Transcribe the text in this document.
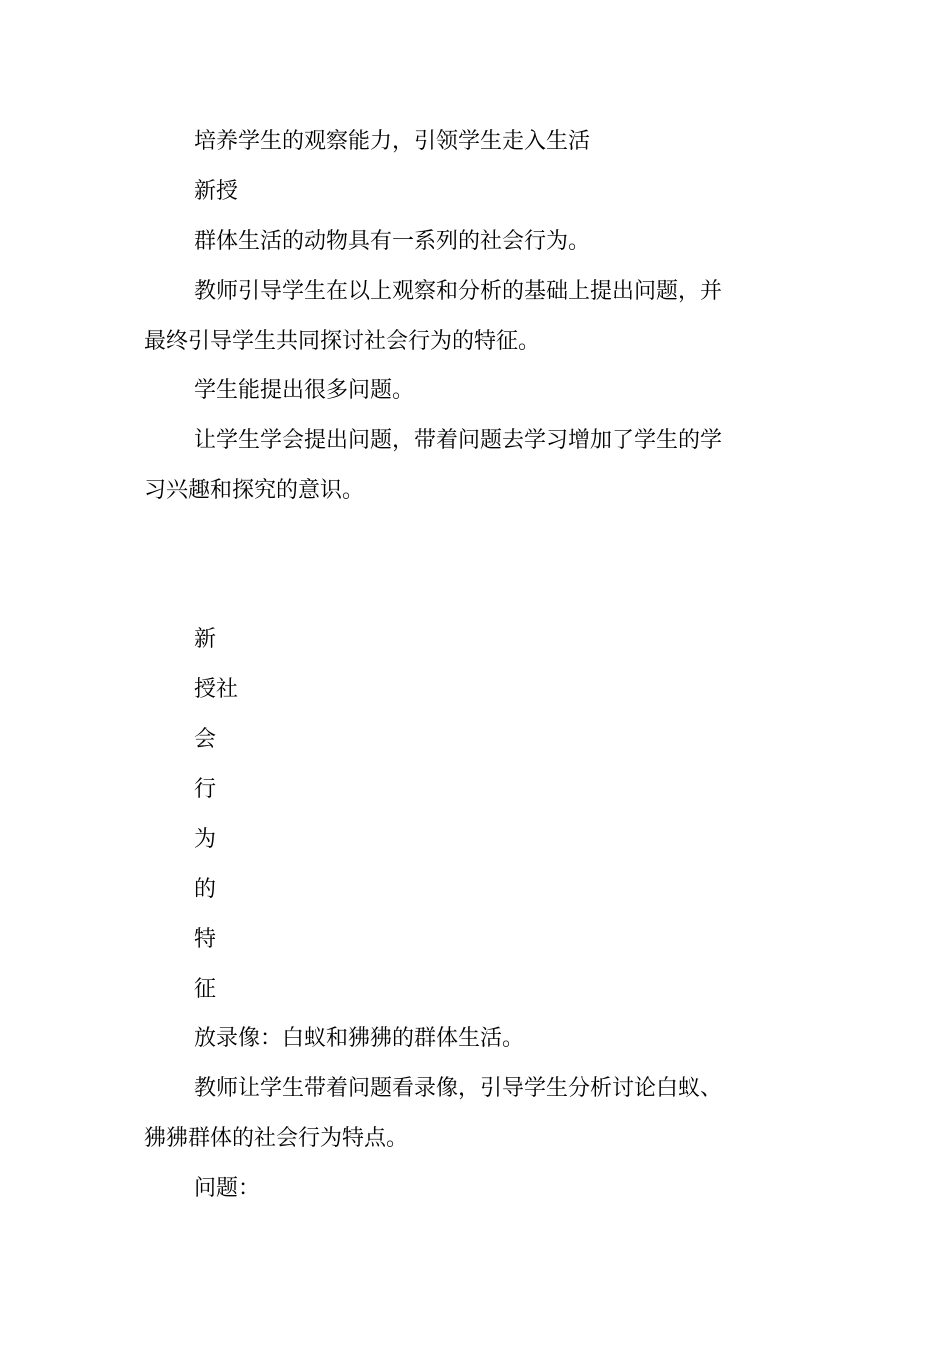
培养学生的观察能力，引领学生走入生活
新授
群体生活的动物具有一系列的社会行为。
教师引导学生在以上观察和分析的基础上提出问题，并
最终引导学生共同探讨社会行为的特征。
学生能提出很多问题。
让学生学会提出问题，带着问题去学习增加了学生的学
习兴趣和探究的意识。
新
授社
会
行
为
的
特
征
放录像：白蚁和狒狒的群体生活。
教师让学生带着问题看录像，引导学生分析讨论白蚁、
狒狒群体的社会行为特点。
问题：
